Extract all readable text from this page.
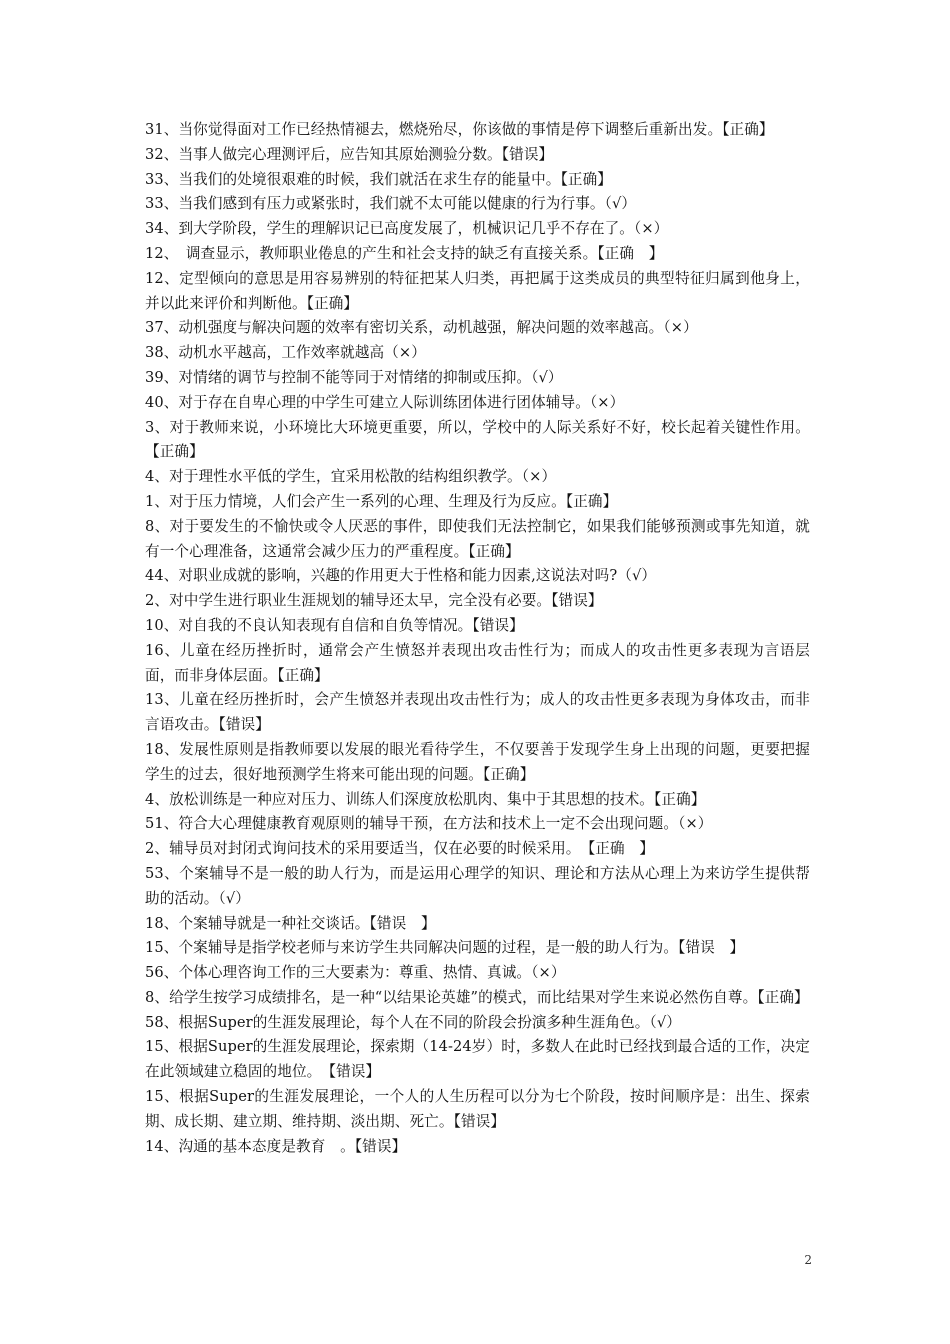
31、当你觉得面对工作已经热情褪去，燃烧殆尽，你该做的事情是停下调整后重新出发。【正确】

32、当事人做完心理测评后，应告知其原始测验分数。【错误】

33、当我们的处境很艰难的时候，我们就活在求生存的能量中。【正确】

33、当我们感到有压力或紧张时，我们就不太可能以健康的行为行事。（√）

34、到大学阶段，学生的理解识记已高度发展了，机械识记几乎不存在了。（×）

12、　调查显示，教师职业倦息的产生和社会支持的缺乏有直接关系。【正确　】

12、定型倾向的意思是用容易辨别的特征把某人归类，再把属于这类成员的典型特征归属到他身上，并以此来评价和判断他。【正确】

37、动机强度与解决问题的效率有密切关系，动机越强，解决问题的效率越高。（×）

38、动机水平越高，工作效率就越高（×）

39、对情绪的调节与控制不能等同于对情绪的抑制或压抑。（√）

40、对于存在自卑心理的中学生可建立人际训练团体进行团体辅导。（×）

3、对于教师来说，小环境比大环境更重要，所以，学校中的人际关系好不好，校长起着关键性作用。【正确】

4、对于理性水平低的学生，宜采用松散的结构组织教学。（×）

1、对于压力情境，人们会产生一系列的心理、生理及行为反应。【正确】

8、对于要发生的不愉快或令人厌恶的事件，即使我们无法控制它，如果我们能够预测或事先知道，就有一个心理准备，这通常会减少压力的严重程度。【正确】

44、对职业成就的影响，兴趣的作用更大于性格和能力因素,这说法对吗?（√）

2、对中学生进行职业生涯规划的辅导还太早，完全没有必要。【错误】

10、对自我的不良认知表现有自信和自负等情况。【错误】

16、儿童在经历挫折时，通常会产生愤怒并表现出攻击性行为；而成人的攻击性更多表现为言语层面，而非身体层面。【正确】

13、儿童在经历挫折时，会产生愤怒并表现出攻击性行为；成人的攻击性更多表现为身体攻击，而非言语攻击。【错误】

18、发展性原则是指教师要以发展的眼光看待学生，不仅要善于发现学生身上出现的问题，更要把握学生的过去，很好地预测学生将来可能出现的问题。【正确】

4、放松训练是一种应对压力、训练人们深度放松肌肉、集中于其思想的技术。【正确】

51、符合大心理健康教育观原则的辅导干预，在方法和技术上一定不会出现问题。（×）

2、辅导员对封闭式询问技术的采用要适当，仅在必要的时候采用。　【正确　】

53、个案辅导不是一般的助人行为，而是运用心理学的知识、理论和方法从心理上为来访学生提供帮助的活动。（√）

18、个案辅导就是一种社交谈话。【错误　】

15、个案辅导是指学校老师与来访学生共同解决问题的过程，是一般的助人行为。【错误　】

56、个体心理咨询工作的三大要素为：尊重、热情、真诚。（×）

8、给学生按学习成绩排名，是一种“以结果论英雄”的模式，而比结果对学生来说必然伤自尊。【正确】

58、根据Super的生涯发展理论，每个人在不同的阶段会扮演多种生涯角色。（√）

15、根据Super的生涯发展理论，探索期（14-24岁）时，多数人在此时已经找到最合适的工作，决定在此领域建立稳固的地位。　【错误】

15、根据Super的生涯发展理论，一个人的人生历程可以分为七个阶段，按时间顺序是：出生、探索期、成长期、建立期、维持期、淡出期、死亡。【错误】

14、沟通的基本态度是教育　。【错误】

2
